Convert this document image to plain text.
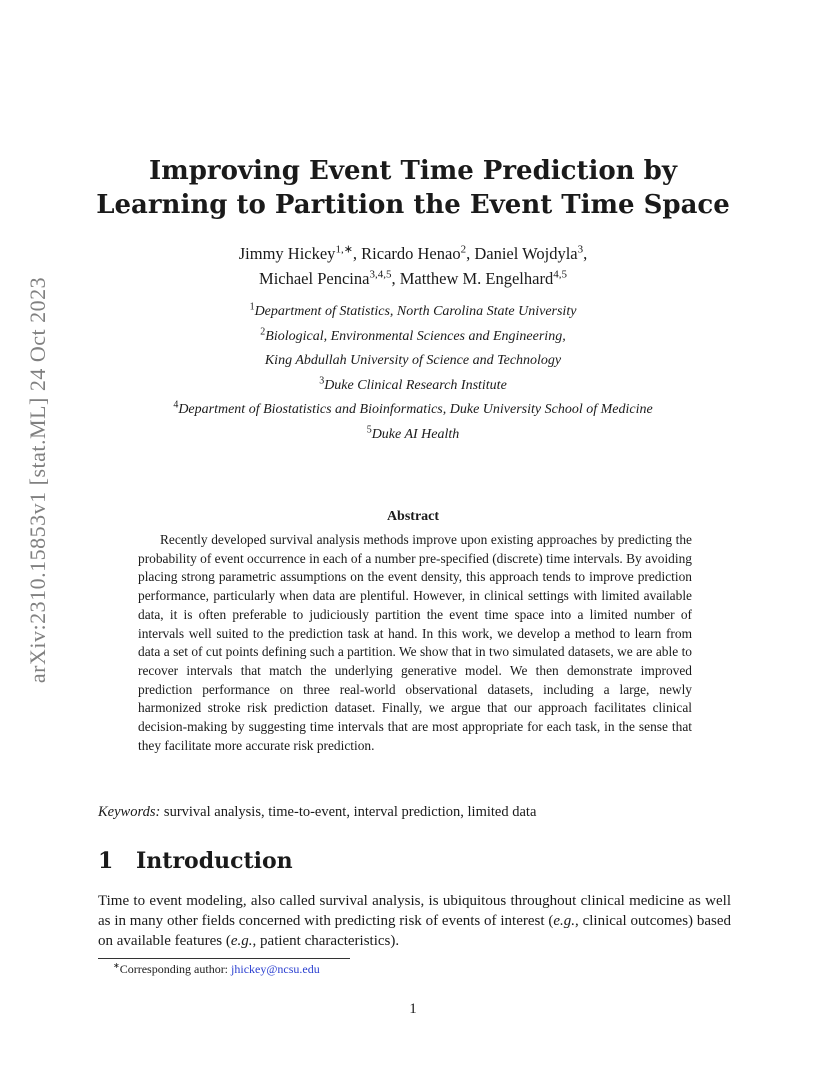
arXiv:2310.15853v1 [stat.ML] 24 Oct 2023
Improving Event Time Prediction by
Learning to Partition the Event Time Space
Jimmy Hickey$^{1,∗}$, Ricardo Henao$^2$, Daniel Wojdyla$^3$,
Michael Pencina$^{3,4,5}$, Matthew M. Engelhard$^{4,5}$
$^1$Department of Statistics, North Carolina State University
$^2$Biological, Environmental Sciences and Engineering,
King Abdullah University of Science and Technology
$^3$Duke Clinical Research Institute
$^4$Department of Biostatistics and Bioinformatics, Duke University School of Medicine
$^5$Duke AI Health
Abstract
Recently developed survival analysis methods improve upon existing approaches by predicting the probability of event occurrence in each of a number pre-specified (discrete) time intervals. By avoiding placing strong parametric assumptions on the event density, this approach tends to improve prediction performance, particularly when data are plentiful. However, in clinical settings with limited available data, it is often preferable to judiciously partition the event time space into a limited number of intervals well suited to the prediction task at hand. In this work, we develop a method to learn from data a set of cut points defining such a partition. We show that in two simulated datasets, we are able to recover intervals that match the underlying generative model. We then demonstrate improved prediction performance on three real-world observational datasets, including a large, newly harmonized stroke risk prediction dataset. Finally, we argue that our approach facilitates clinical decision-making by suggesting time intervals that are most appropriate for each task, in the sense that they facilitate more accurate risk prediction.
Keywords: survival analysis, time-to-event, interval prediction, limited data
1 Introduction
Time to event modeling, also called survival analysis, is ubiquitous throughout clinical medicine as well as in many other fields concerned with predicting risk of events of interest (e.g., clinical outcomes) based on available features (e.g., patient characteristics).
∗Corresponding author: jhickey@ncsu.edu
1
